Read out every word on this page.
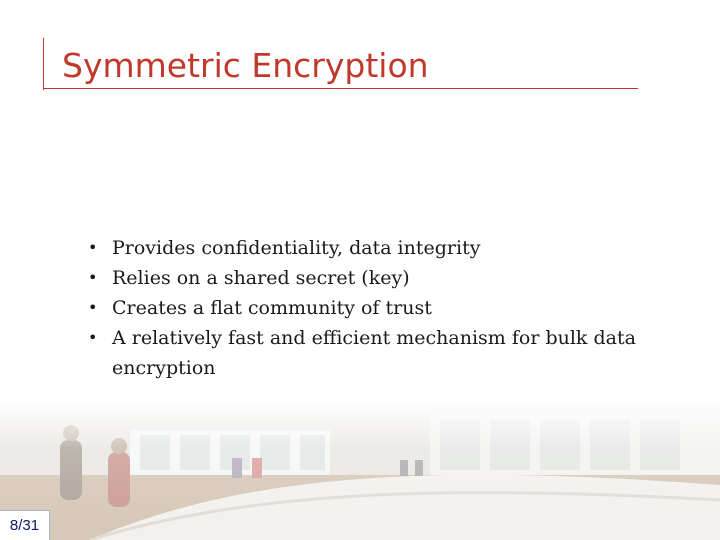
Symmetric Encryption
• Provides confidentiality, data integrity
• Relies on a shared secret (key)
• Creates a flat community of trust
• A relatively fast and efficient mechanism for bulk data encryption
8/31
